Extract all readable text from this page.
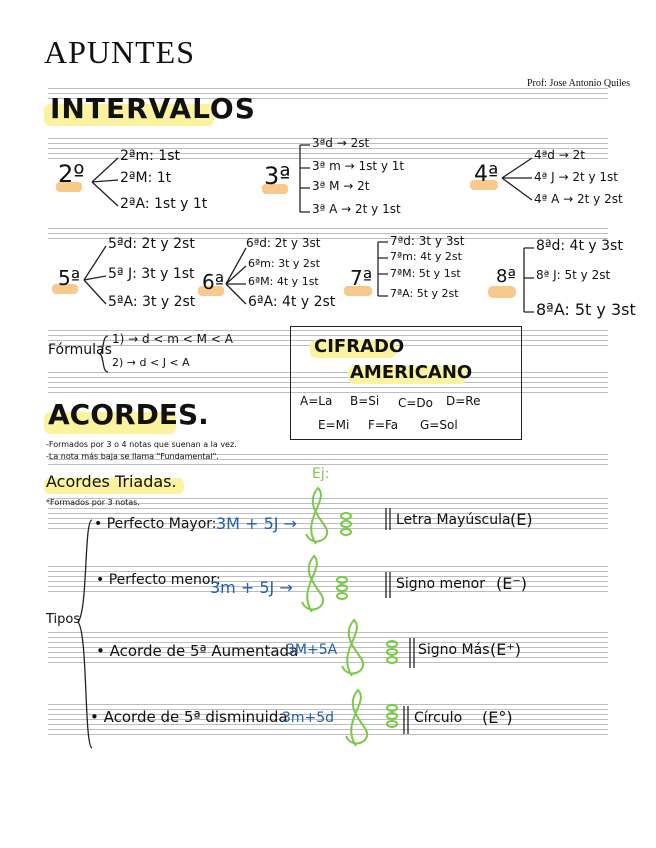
APUNTES
Prof: Jose Antonio Quiles
INTERVALOS
2º
2ªm: 1st
2ªM: 1t
2ªA: 1st y 1t
3ª
3ªd → 2st
3ª m → 1st y 1t
3ª M → 2t
3ª A → 2t y 1st
4ª
4ªd → 2t
4ª J → 2t y 1st
4ª A → 2t y 2st
5ª
5ªd: 2t y 2st
5ª J: 3t y 1st
5ªA: 3t y 2st
6ª
6ªd: 2t y 3st
6ªm: 3t y 2st
6ªM: 4t y 1st
6ªA: 4t y 2st
7ª
7ªd: 3t y 3st
7ªm: 4t y 2st
7ªM: 5t y 1st
7ªA: 5t y 2st
8ª
8ªd: 4t y 3st
8ª J: 5t y 2st
8ªA: 5t y 3st
Fórmulas
1) → d < m < M < A
2) → d < J < A
CIFRADO
AMERICANO
A=La B=Si C=Do D=Re
E=Mi F=Fa G=Sol
ACORDES.
-Formados por 3 o 4 notas que suenan a la vez.
-La nota más baja se llama "Fundamental".
Acordes Triadas.
*Formados por 3 notas.
Ej:
Tipos
• Perfecto Mayor: 3M + 5J →	Letra Mayúscula (E)
• Perfecto menor:
3m + 5J →	Signo menor (E⁻)
• Acorde de 5ª Aumentada
3M+5A	Signo Más (E⁺)
• Acorde de 5ª disminuida
3m+5d	Círculo (E°)
